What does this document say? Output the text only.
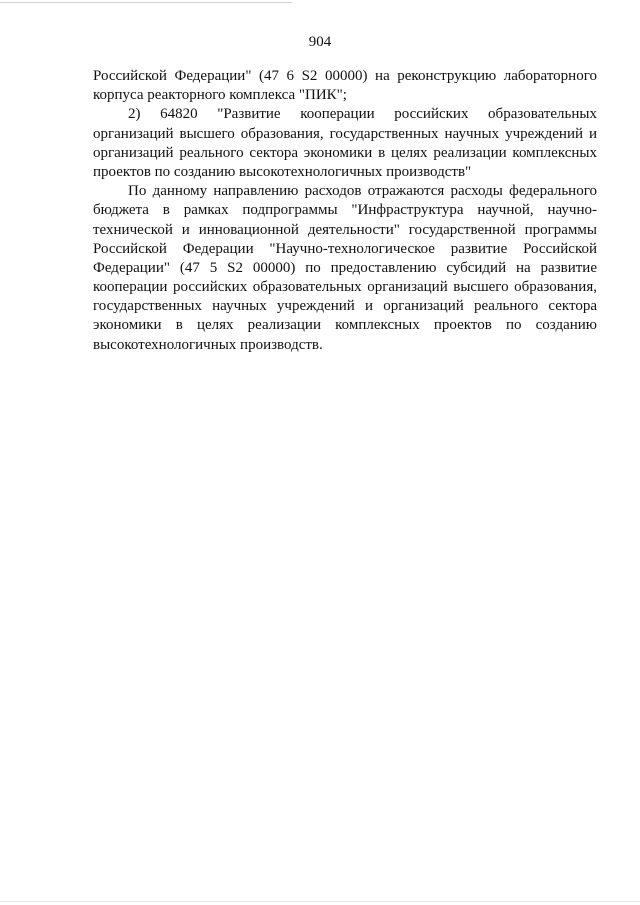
904
Российской Федерации" (47 6 S2 00000) на реконструкцию лабораторного
корпуса реакторного комплекса "ПИК";
2) 64820 "Развитие кооперации российских образовательных
организаций высшего образования, государственных научных учреждений и
организаций реального сектора экономики в целях реализации комплексных
проектов по созданию высокотехнологичных производств"
По данному направлению расходов отражаются расходы федерального
бюджета в рамках подпрограммы "Инфраструктура научной, научно-
технической и инновационной деятельности" государственной программы
Российской Федерации "Научно-технологическое развитие Российской
Федерации" (47 5 S2 00000) по предоставлению субсидий на развитие
кооперации российских образовательных организаций высшего образования,
государственных научных учреждений и организаций реального сектора
экономики в целях реализации комплексных проектов по созданию
высокотехнологичных производств.
